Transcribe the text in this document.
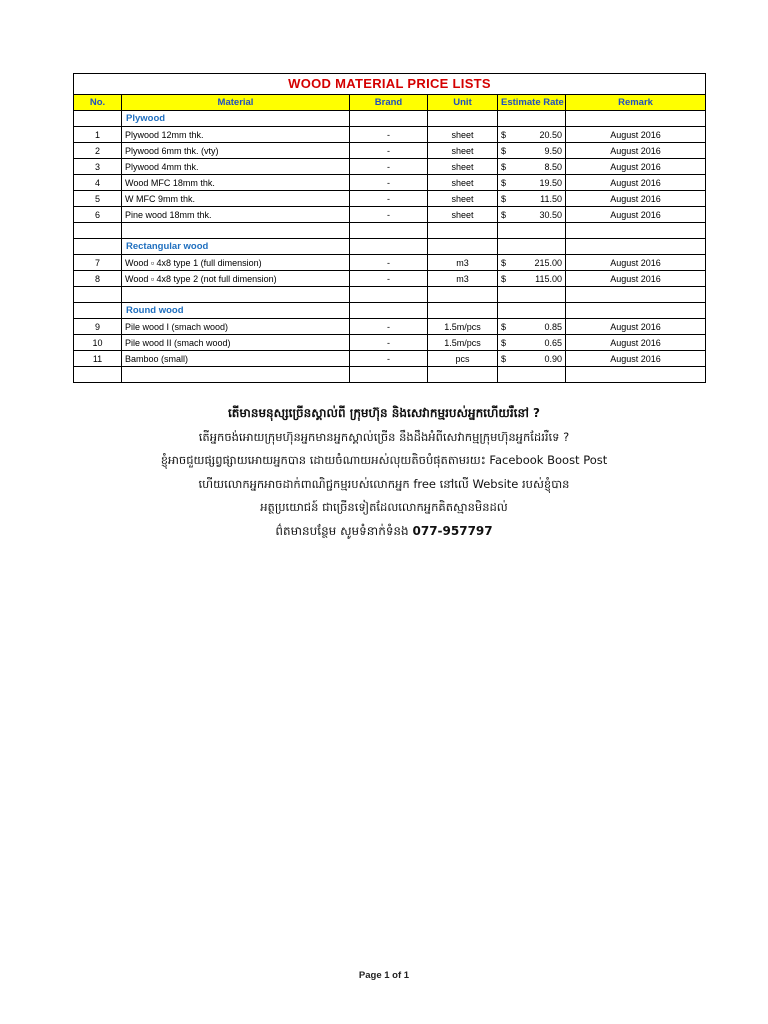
WOOD MATERIAL PRICE LISTS					
No.	Material	Brand	Unit	Estimate Rate	Remark
	Plywood				
1	Plywood 12mm thk.	-	sheet	$ 20.50	August 2016
2	Plywood 6mm thk. (vty)	-	sheet	$ 9.50	August 2016
3	Plywood 4mm thk.	-	sheet	$ 8.50	August 2016
4	Wood MFC 18mm thk.	-	sheet	$ 19.50	August 2016
5	W MFC 9mm thk.	-	sheet	$ 11.50	August 2016
6	Pine wood 18mm thk.	-	sheet	$ 30.50	August 2016

	Rectangular wood				
7	Wood ▫ 4x8 type 1 (full dimension)	-	m3	$ 215.00	August 2016
8	Wood ▫ 4x8 type 2 (not full dimension)	-	m3	$ 115.00	August 2016

	Round wood				
9	Pile wood I (smach wood)	-	1.5m/pcs	$ 0.85	August 2016
10	Pile wood II (smach wood)	-	1.5m/pcs	$ 0.65	August 2016
11	Bamboo (small)	-	pcs	$ 0.90	August 2016

តើមានមនុស្សច្រើនស្គាល់ពី ក្រុមហ៊ុន និងសេវាកម្មរបស់អ្នកហើយរឺនៅ ?
តើអ្នកចង់អោយក្រុមហ៊ុនអ្នកមានអ្នកស្គាល់ច្រើន នឹងដឹងអំពីសេវាកម្មក្រុមហ៊ុនអ្នកដែររឺទេ ?
ខ្ញុំអាចជួយផ្សព្វផ្សាយអោយអ្នកបាន ដោយចំណាយអស់លុយតិចបំផុតតាមរយះ Facebook Boost Post
ហើយលោកអ្នកអាចដាក់ពាណិជ្ជកម្មរបស់លោកអ្នក free នៅលើ Website របស់ខ្ញុំបាន
អត្ថប្រយោជន៍ ជាច្រើនទៀតដែលលោកអ្នកគិតស្មានមិនដល់
ព៌តមានបន្ថែម សូមទំនាក់ទំនង 077-957797
Page 1 of 1
